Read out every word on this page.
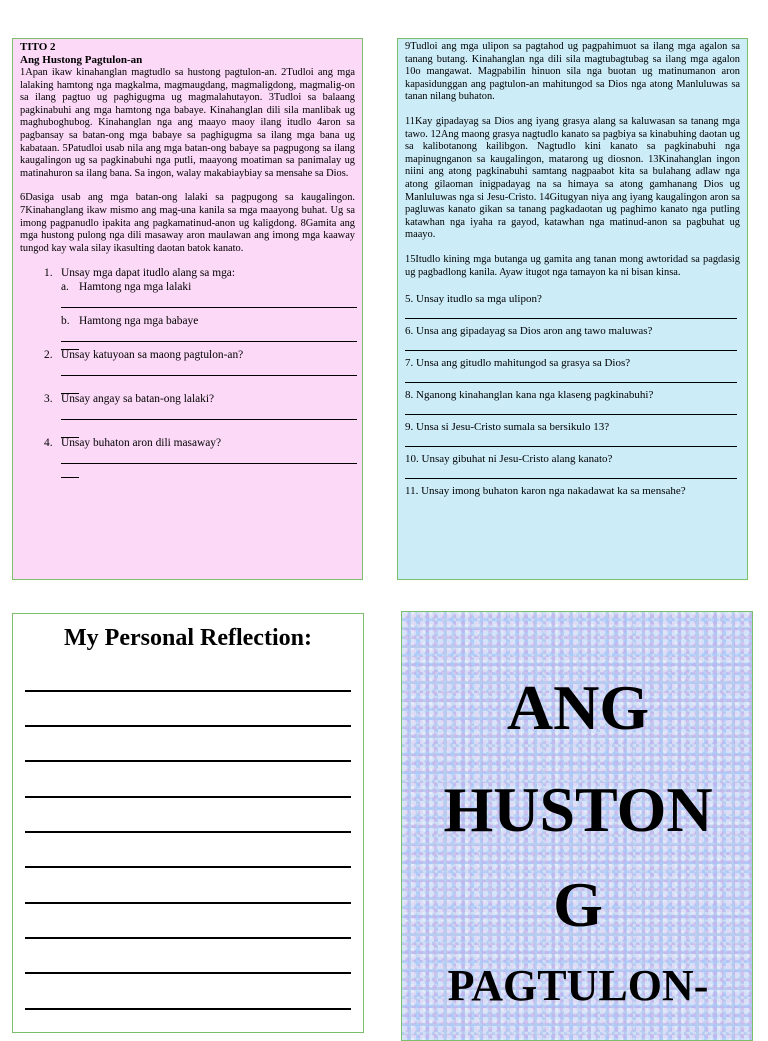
TITO 2

Ang Hustong Pagtulon-an

1Apan ikaw kinahanglan magtudlo sa hustong pagtulon-an. 2Tudloi ang mga lalaking hamtong nga magkalma, magmaugdang, magmaligdong, magmalig-on sa ilang pagtuo ug paghigugma ug magmalahutayon. 3Tudloi sa balaang pagkinabuhi ang mga hamtong nga babaye. Kinahanglan dili sila manlibak ug maghuboghubog. Kinahanglan nga ang maayo maoy ilang itudlo 4aron sa pagbansay sa batan-ong mga babaye sa paghigugma sa ilang mga bana ug kabataan. 5Patudloi usab nila ang mga batan-ong babaye sa pagpugong sa ilang kaugalingon ug sa pagkinabuhi nga putli, maayong moatiman sa panimalay ug matinahuron sa ilang bana. Sa ingon, walay makabiaybiay sa mensahe sa Dios.

6Dasiga usab ang mga batan-ong lalaki sa pagpugong sa kaugalingon. 7Kinahanglang ikaw mismo ang mag-una kanila sa mga maayong buhat. Ug sa imong pagpanudlo ipakita ang pagkamatinud-anon ug kaligdong. 8Gamita ang mga hustong pulong nga dili masaway aron maulawan ang imong mga kaaway tungod kay wala silay ikasulting daotan batok kanato.

1. Unsay mga dapat itudlo alang sa mga:
a. Hamtong nga mga lalaki
b. Hamtong nga mga babaye
2. Unsay katuyoan sa maong pagtulon-an?
3. Unsay angay sa batan-ong lalaki?
4. Unsay buhaton aron dili masaway?

9Tudloi ang mga ulipon sa pagtahod ug pagpahimuot sa ilang mga agalon sa tanang butang. Kinahanglan nga dili sila magtubagtubag sa ilang mga agalon 10o mangawat. Magpabilin hinuon sila nga buotan ug matinumanon aron kapasidunggan ang pagtulon-an mahitungod sa Dios nga atong Manluluwas sa tanan nilang buhaton.

11Kay gipadayag sa Dios ang iyang grasya alang sa kaluwasan sa tanang mga tawo. 12Ang maong grasya nagtudlo kanato sa pagbiya sa kinabuhing daotan ug sa kalibotanong kailibgon. Nagtudlo kini kanato sa pagkinabuhi nga mapinugnganon sa kaugalingon, matarong ug diosnon. 13Kinahanglan ingon niini ang atong pagkinabuhi samtang nagpaabot kita sa bulahang adlaw nga atong gilaoman inigpadayag na sa himaya sa atong gamhanang Dios ug Manluluwas nga si Jesu-Cristo. 14Gitugyan niya ang iyang kaugalingon aron sa pagluwas kanato gikan sa tanang pagkadaotan ug paghimo kanato nga putling katawhan nga iyaha ra gayod, katawhan nga matinud-anon sa pagbuhat ug maayo.

15Itudlo kining mga butanga ug gamita ang tanan mong awtoridad sa pagdasig ug pagbadlong kanila. Ayaw itugot nga tamayon ka ni bisan kinsa.

5. Unsay itudlo sa mga ulipon?
6. Unsa ang gipadayag sa Dios aron ang tawo maluwas?
7. Unsa ang gitudlo mahitungod sa grasya sa Dios?
8. Nganong kinahanglan kana nga klaseng pagkinabuhi?
9. Unsa si Jesu-Cristo sumala sa bersikulo 13?
10. Unsay gibuhat ni Jesu-Cristo alang kanato?
11. Unsay imong buhaton karon nga nakadawat ka sa mensahe?
My Personal Reflection:
ANG
HUSTON
G
PAGTULON-
